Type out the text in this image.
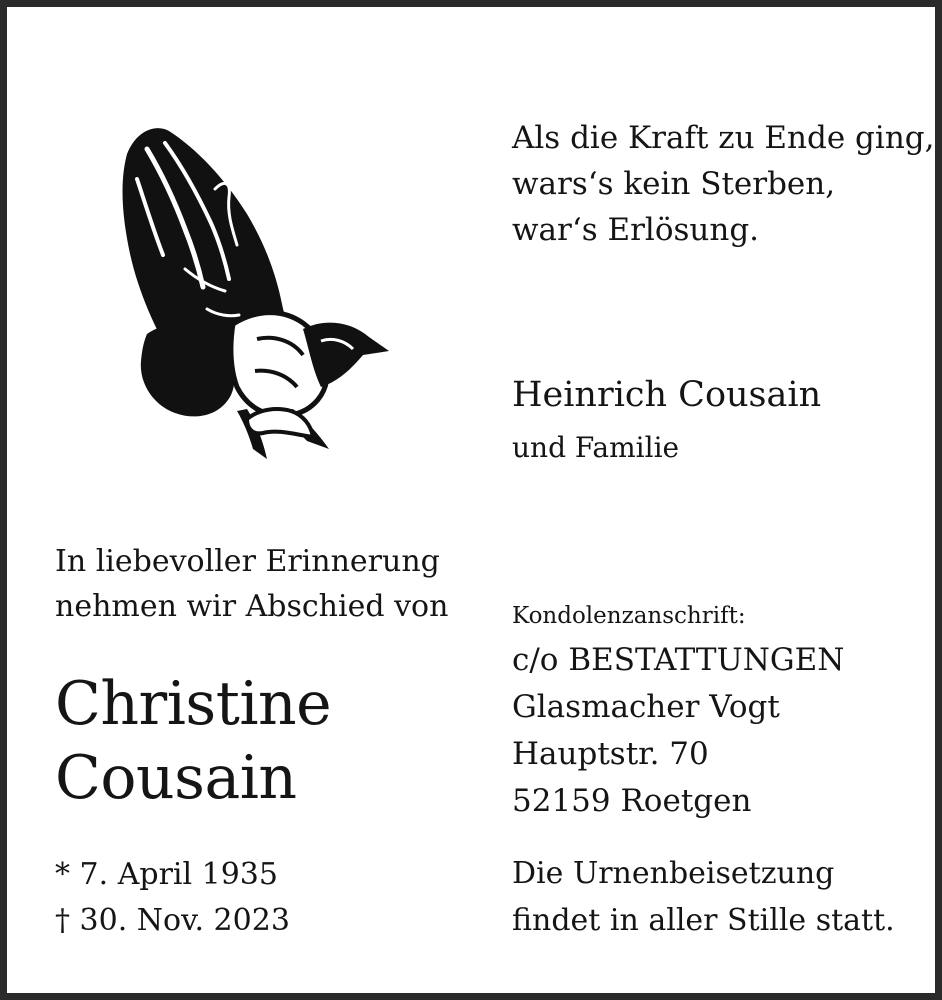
Als die Kraft zu Ende ging,
wars‘s kein Sterben,
war‘s Erlösung.
Heinrich Cousain
und Familie
In liebevoller Erinnerung
nehmen wir Abschied von
Christine
Cousain
* 7. April 1935
† 30. Nov. 2023
Kondolenzanschrift:
c/o BESTATTUNGEN
Glasmacher Vogt
Hauptstr. 70
52159 Roetgen
Die Urnenbeisetzung
findet in aller Stille statt.
